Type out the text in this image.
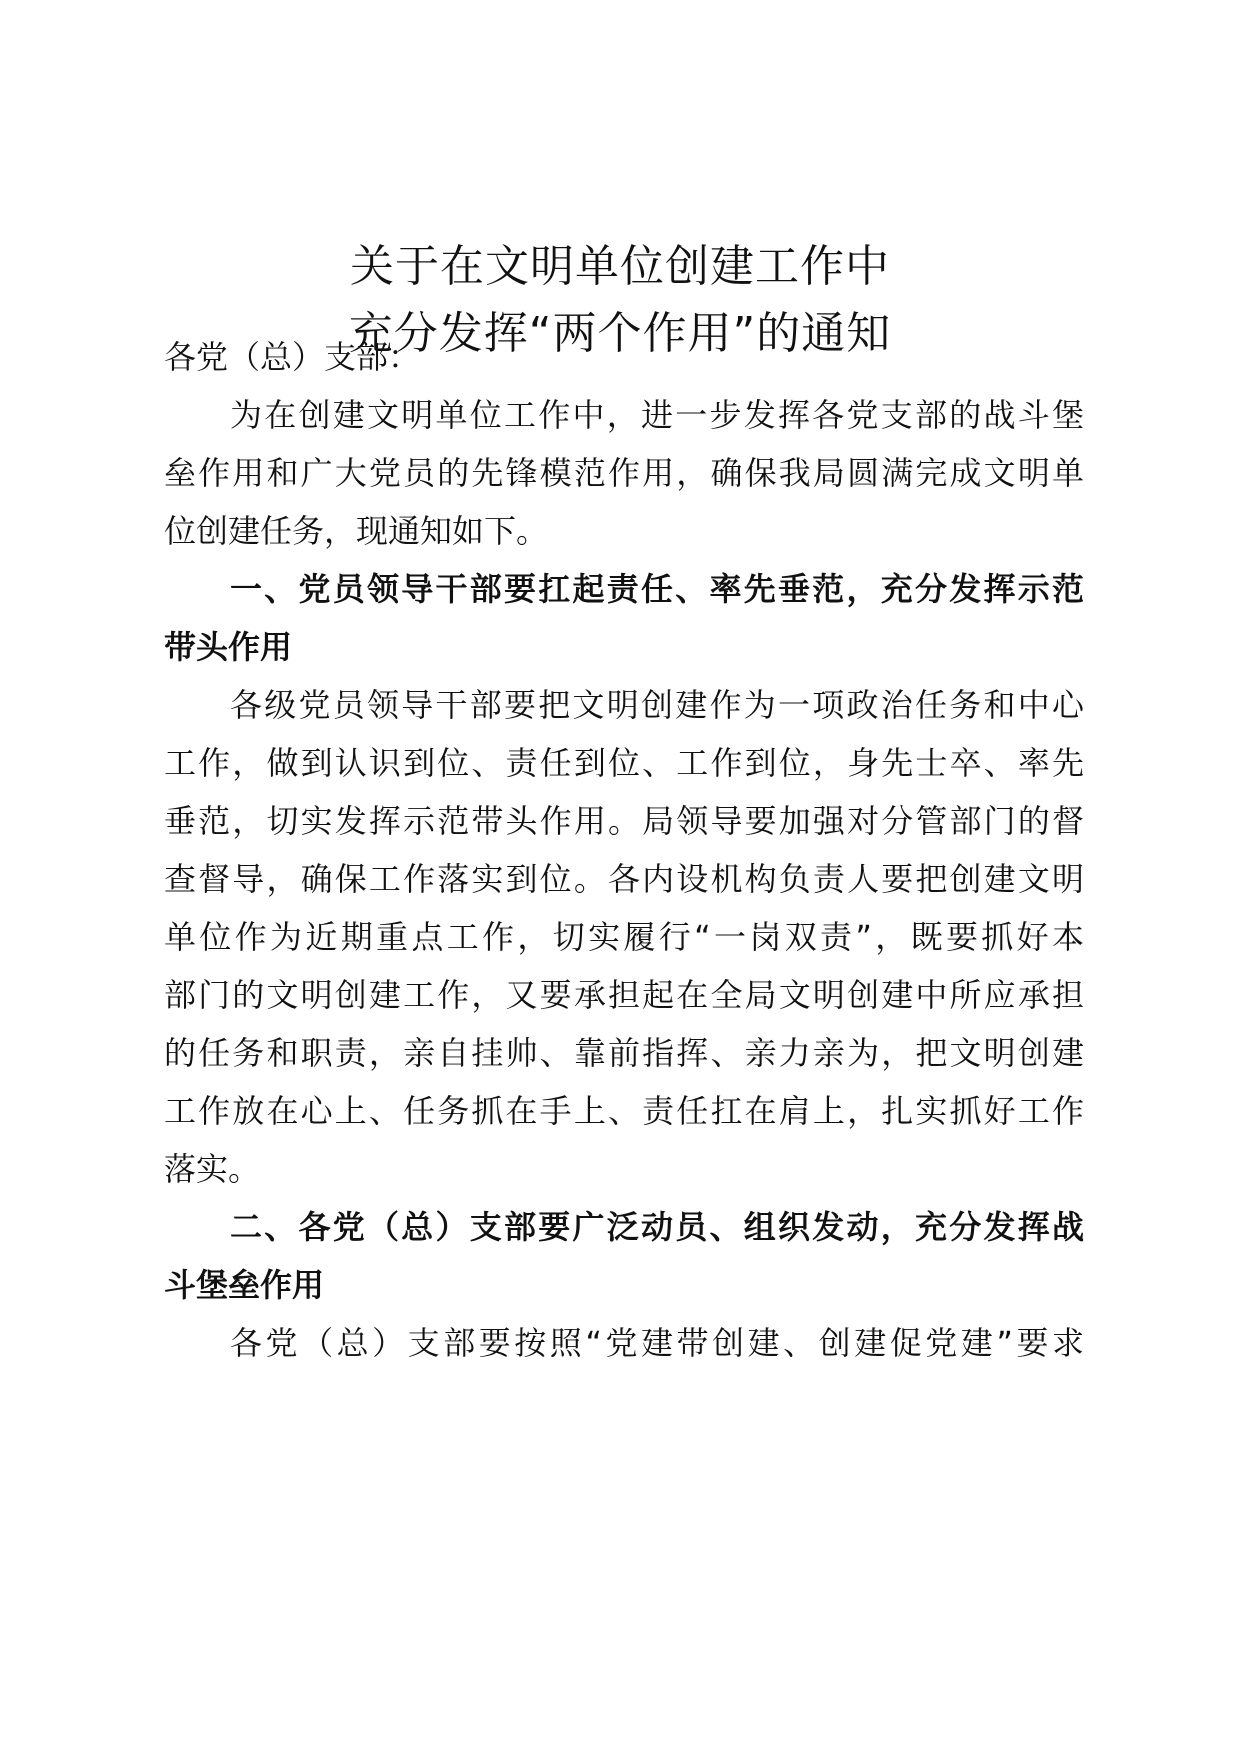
关于在文明单位创建工作中
充分发挥“两个作用”的通知
各党（总）支部：
为在创建文明单位工作中，进一步发挥各党支部的战斗堡
垒作用和广大党员的先锋模范作用，确保我局圆满完成文明单
位创建任务，现通知如下。
一、党员领导干部要扛起责任、率先垂范，充分发挥示范
带头作用
各级党员领导干部要把文明创建作为一项政治任务和中心
工作，做到认识到位、责任到位、工作到位，身先士卒、率先
垂范，切实发挥示范带头作用。局领导要加强对分管部门的督
查督导，确保工作落实到位。各内设机构负责人要把创建文明
单位作为近期重点工作，切实履行“一岗双责”，既要抓好本
部门的文明创建工作，又要承担起在全局文明创建中所应承担
的任务和职责，亲自挂帅、靠前指挥、亲力亲为，把文明创建
工作放在心上、任务抓在手上、责任扛在肩上，扎实抓好工作
落实。
二、各党（总）支部要广泛动员、组织发动，充分发挥战
斗堡垒作用
各党（总）支部要按照“党建带创建、创建促党建”要求
